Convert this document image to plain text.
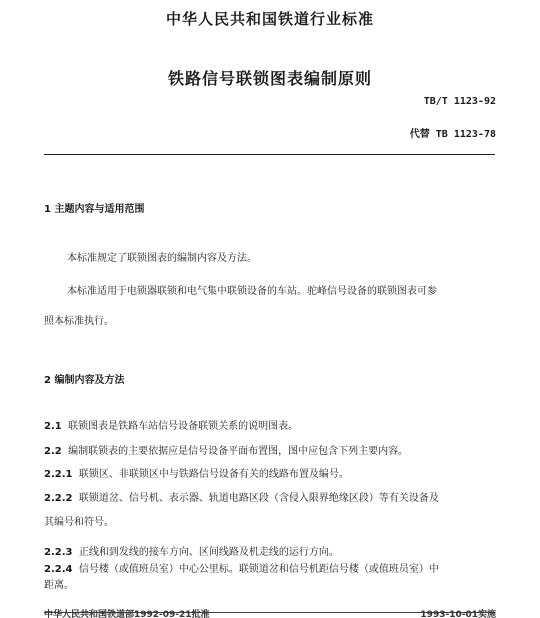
中华人民共和国铁道行业标准
铁路信号联锁图表编制原则
TB/T 1123-92
代替 TB 1123-78
1 主题内容与适用范围
本标准规定了联锁图表的编制内容及方法。
本标准适用于电锁器联锁和电气集中联锁设备的车站。驼峰信号设备的联锁图表可参
照本标准执行。
2 编制内容及方法
2.1 联锁图表是铁路车站信号设备联锁关系的说明图表。
2.2 编制联锁表的主要依据应是信号设备平面布置图，图中应包含下列主要内容。
2.2.1 联锁区、非联锁区中与铁路信号设备有关的线路布置及编号。
2.2.2 联锁道岔、信号机、表示器、轨道电路区段（含侵入限界绝缘区段）等有关设备及
其编号和符号。
2.2.3 正线和到发线的接车方向、区间线路及机走线的运行方向。
2.2.4 信号楼（或值班员室）中心公里标。联锁道岔和信号机距信号楼（或值班员室）中
距离。
中华人民共和国铁道部1992-09-21批准	1993-10-01实施
